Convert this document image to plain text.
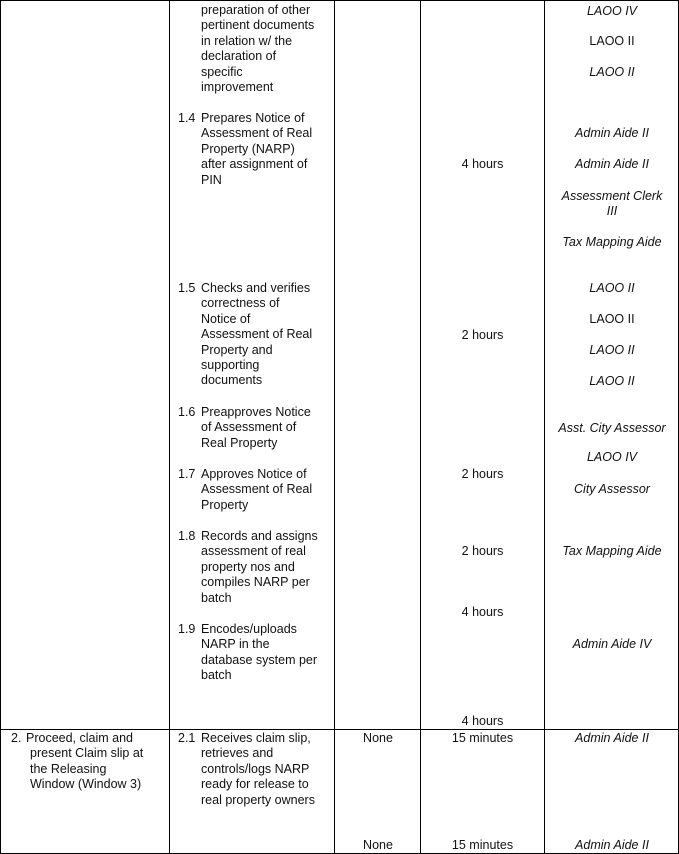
preparation of other
pertinent documents
in relation w/ the
declaration of
specific
improvement
1.4 Prepares Notice of
Assessment of Real
Property (NARP)
after assignment of
PIN
1.5 Checks and verifies
correctness of
Notice of
Assessment of Real
Property and
supporting
documents
1.6 Preapproves Notice
of Assessment of
Real Property
1.7 Approves Notice of
Assessment of Real
Property
1.8 Records and assigns
assessment of real
property nos and
compiles NARP per
batch
1.9 Encodes/uploads
NARP in the
database system per
batch
2. Proceed, claim and
present Claim slip at
the Releasing
Window (Window 3)
2.1 Receives claim slip,
retrieves and
controls/logs NARP
ready for release to
real property owners
None
None
4 hours
2 hours
2 hours
2 hours
4 hours
4 hours
15 minutes
15 minutes
LAOO IV
LAOO II
LAOO II
Admin Aide II
Admin Aide II
Assessment Clerk
III
Tax Mapping Aide
LAOO II
LAOO II
LAOO II
LAOO II
Asst. City Assessor
LAOO IV
City Assessor
Tax Mapping Aide
Admin Aide IV
Admin Aide II
Admin Aide II
